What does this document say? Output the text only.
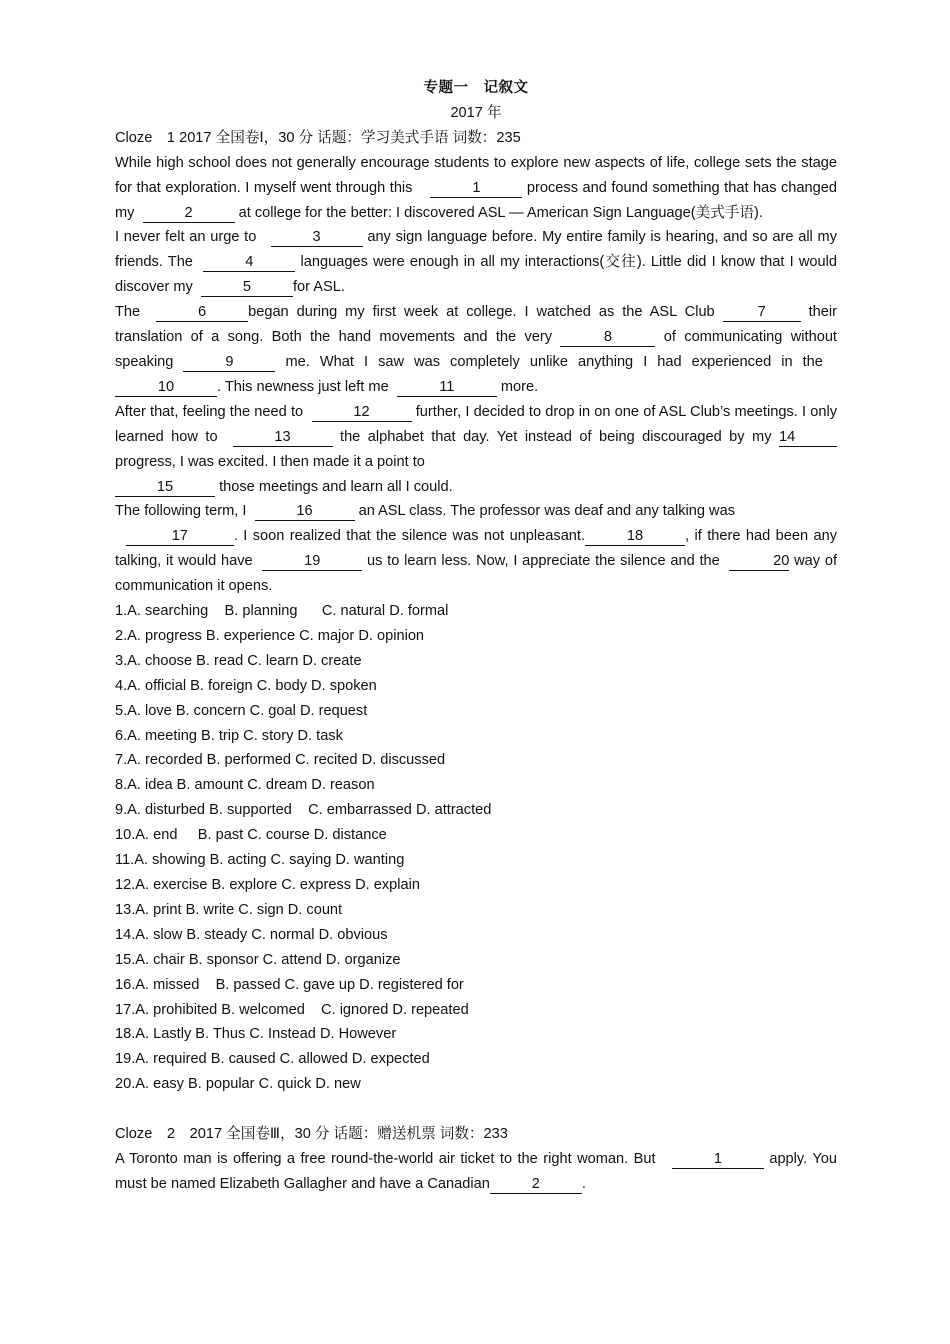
专题一　记叙文
2017 年
Cloze　1 2017 全国卷Ⅰ，30 分 话题：学习美式手语 词数：235
While high school does not generally encourage students to explore new aspects of life, college sets the stage for that exploration. I myself went through this	1	process and found something that has changed my	2	at college for the better: I discovered ASL — American Sign Language(美式手语).
I never felt an urge to	3	any sign language before. My entire family is hearing, and so are all my friends. The	4	languages were enough in all my interactions(交往). Little did I know that I would discover my	5	for ASL.
The	6	began during my first week at college. I watched as the ASL Club	7	their translation of a song. Both the hand movements and the very	8	of communicating without speaking	9	me. What I saw was completely unlike anything I had experienced in the  10	. This newness just left me	11	more.
After that, feeling the need to	12	further, I decided to drop in on one of ASL Club’s meetings. I only learned how to	13	the alphabet that day. Yet instead of being discouraged by my 14 progress, I was excited. I then made it a point to
15	those meetings and learn all I could.
The following term, I	16	an ASL class. The professor was deaf and any talking was
17	. I soon realized that the silence was not unpleasant.	18	, if there had been any talking, it would have	19	us to learn less. Now, I appreciate the silence and the	20 way of communication it opens.
1.A. searching    B. planning      C. natural D. formal
2.A. progress B. experience C. major D. opinion
3.A. choose B. read C. learn D. create
4.A. official B. foreign C. body D. spoken
5.A. love B. concern C. goal D. request
6.A. meeting B. trip C. story D. task
7.A. recorded B. performed C. recited D. discussed
8.A. idea B. amount C. dream D. reason
9.A. disturbed B. supported    C. embarrassed D. attracted
10.A. end     B. past C. course D. distance
11.A. showing B. acting C. saying D. wanting
12.A. exercise B. explore C. express D. explain
13.A. print B. write C. sign D. count
14.A. slow B. steady C. normal D. obvious
15.A. chair B. sponsor C. attend D. organize
16.A. missed    B. passed C. gave up D. registered for
17.A. prohibited B. welcomed    C. ignored D. repeated
18.A. Lastly B. Thus C. Instead D. However
19.A. required B. caused C. allowed D. expected
20.A. easy B. popular C. quick D. new
Cloze　2　2017 全国卷Ⅲ，30 分 话题：赠送机票 词数：233
A Toronto man is offering a free round-the-world air ticket to the right woman. But	1	apply. You must be named Elizabeth Gallagher and have a Canadian	2	.
